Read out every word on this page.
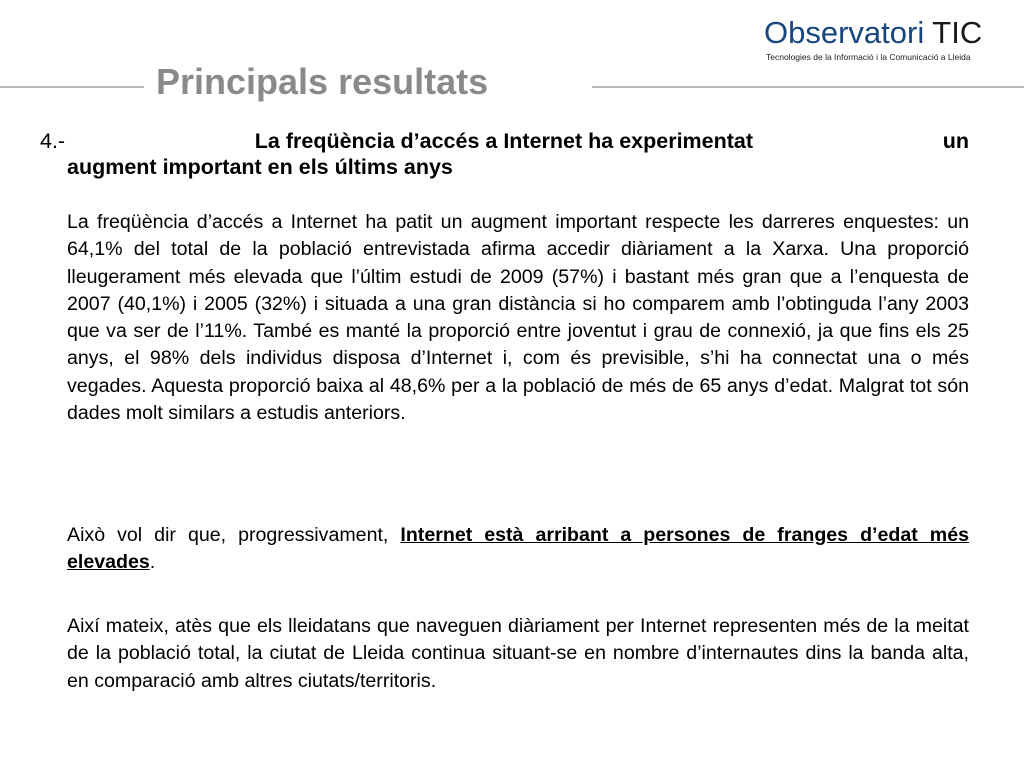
Observatori TIC
Tecnologies de la Informació i la Comunicació a Lleida
Principals resultats
4.-	La freqüència d’accés a Internet ha experimentat	un
augment important en els últims anys
La freqüència d’accés a Internet ha patit un augment important respecte les darreres enquestes: un 64,1% del total de la població entrevistada afirma accedir diàriament a la Xarxa. Una proporció lleugerament més elevada que l’últim estudi de 2009 (57%) i bastant més gran que a l’enquesta de 2007 (40,1%) i 2005 (32%) i situada a una gran distància si ho comparem amb l’obtinguda l’any 2003 que va ser de l’11%. També es manté la proporció entre joventut i grau de connexió, ja que fins els 25 anys, el 98% dels individus disposa d’Internet i, com és previsible, s’hi ha connectat una o més vegades. Aquesta proporció baixa al 48,6% per a la població de més de 65 anys d’edat. Malgrat tot són dades molt similars a estudis anteriors.
Això vol dir que, progressivament, Internet està arribant a persones de franges d’edat més elevades.
Així mateix, atès que els lleidatans que naveguen diàriament per Internet representen més de la meitat de la població total, la ciutat de Lleida continua situant-se en nombre d’internautes dins la banda alta, en comparació amb altres ciutats/territoris.
